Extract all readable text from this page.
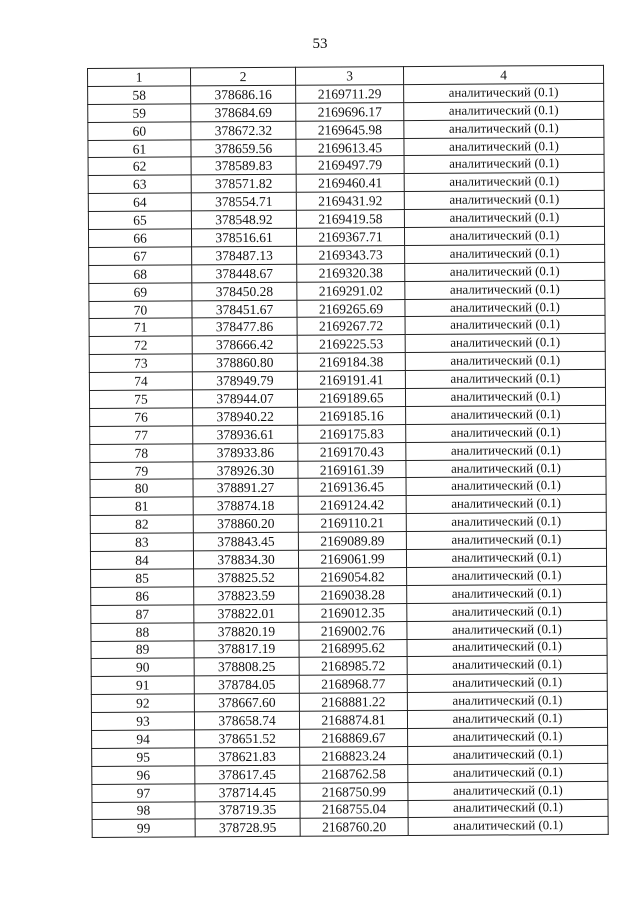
53
1	2	3	4
58	378686.16	2169711.29	аналитический (0.1)
59	378684.69	2169696.17	аналитический (0.1)
60	378672.32	2169645.98	аналитический (0.1)
61	378659.56	2169613.45	аналитический (0.1)
62	378589.83	2169497.79	аналитический (0.1)
63	378571.82	2169460.41	аналитический (0.1)
64	378554.71	2169431.92	аналитический (0.1)
65	378548.92	2169419.58	аналитический (0.1)
66	378516.61	2169367.71	аналитический (0.1)
67	378487.13	2169343.73	аналитический (0.1)
68	378448.67	2169320.38	аналитический (0.1)
69	378450.28	2169291.02	аналитический (0.1)
70	378451.67	2169265.69	аналитический (0.1)
71	378477.86	2169267.72	аналитический (0.1)
72	378666.42	2169225.53	аналитический (0.1)
73	378860.80	2169184.38	аналитический (0.1)
74	378949.79	2169191.41	аналитический (0.1)
75	378944.07	2169189.65	аналитический (0.1)
76	378940.22	2169185.16	аналитический (0.1)
77	378936.61	2169175.83	аналитический (0.1)
78	378933.86	2169170.43	аналитический (0.1)
79	378926.30	2169161.39	аналитический (0.1)
80	378891.27	2169136.45	аналитический (0.1)
81	378874.18	2169124.42	аналитический (0.1)
82	378860.20	2169110.21	аналитический (0.1)
83	378843.45	2169089.89	аналитический (0.1)
84	378834.30	2169061.99	аналитический (0.1)
85	378825.52	2169054.82	аналитический (0.1)
86	378823.59	2169038.28	аналитический (0.1)
87	378822.01	2169012.35	аналитический (0.1)
88	378820.19	2169002.76	аналитический (0.1)
89	378817.19	2168995.62	аналитический (0.1)
90	378808.25	2168985.72	аналитический (0.1)
91	378784.05	2168968.77	аналитический (0.1)
92	378667.60	2168881.22	аналитический (0.1)
93	378658.74	2168874.81	аналитический (0.1)
94	378651.52	2168869.67	аналитический (0.1)
95	378621.83	2168823.24	аналитический (0.1)
96	378617.45	2168762.58	аналитический (0.1)
97	378714.45	2168750.99	аналитический (0.1)
98	378719.35	2168755.04	аналитический (0.1)
99	378728.95	2168760.20	аналитический (0.1)
